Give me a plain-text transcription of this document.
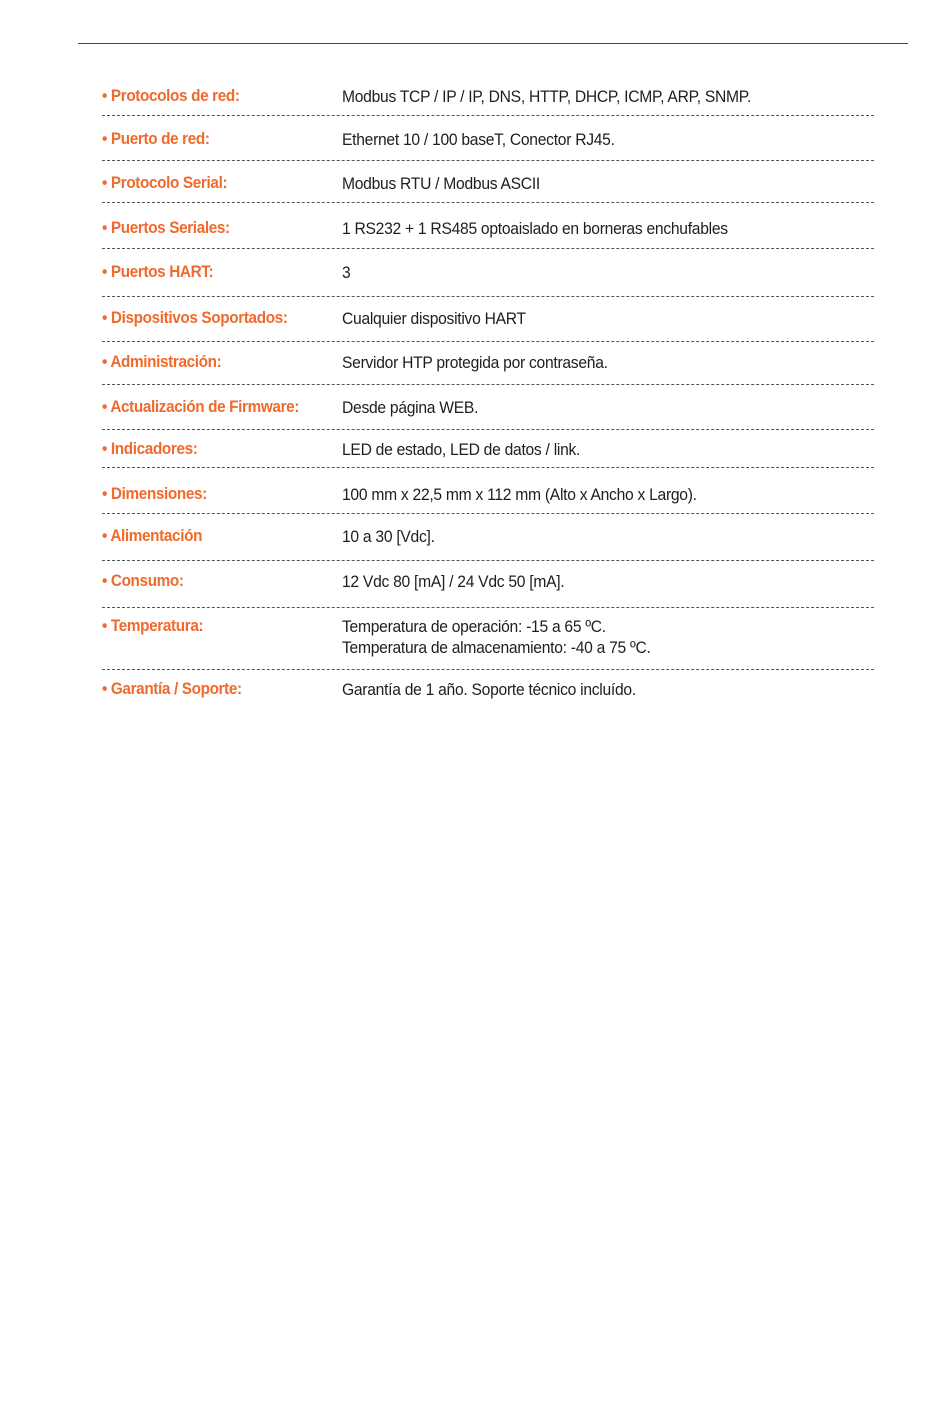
• Protocolos de red:	Modbus TCP / IP / IP, DNS, HTTP, DHCP, ICMP, ARP, SNMP.
• Puerto de red:	Ethernet 10 / 100 baseT, Conector RJ45.
• Protocolo Serial:	Modbus RTU / Modbus ASCII
• Puertos Seriales:	1 RS232 + 1 RS485 optoaislado en borneras enchufables
• Puertos HART:	3
• Dispositivos Soportados:	Cualquier dispositivo HART
• Administración:	Servidor HTP protegida por contraseña.
• Actualización de Firmware:	Desde página WEB.
• Indicadores:	LED de estado, LED de datos / link.
• Dimensiones:	100 mm x 22,5 mm x 112 mm (Alto x Ancho x Largo).
• Alimentación	10 a 30 [Vdc].
• Consumo:	12 Vdc 80 [mA] / 24 Vdc 50 [mA].
• Temperatura:	Temperatura de operación: -15 a 65 ºC.
Temperatura de almacenamiento: -40 a 75 ºC.
• Garantía / Soporte:	Garantía de 1 año. Soporte técnico incluído.
